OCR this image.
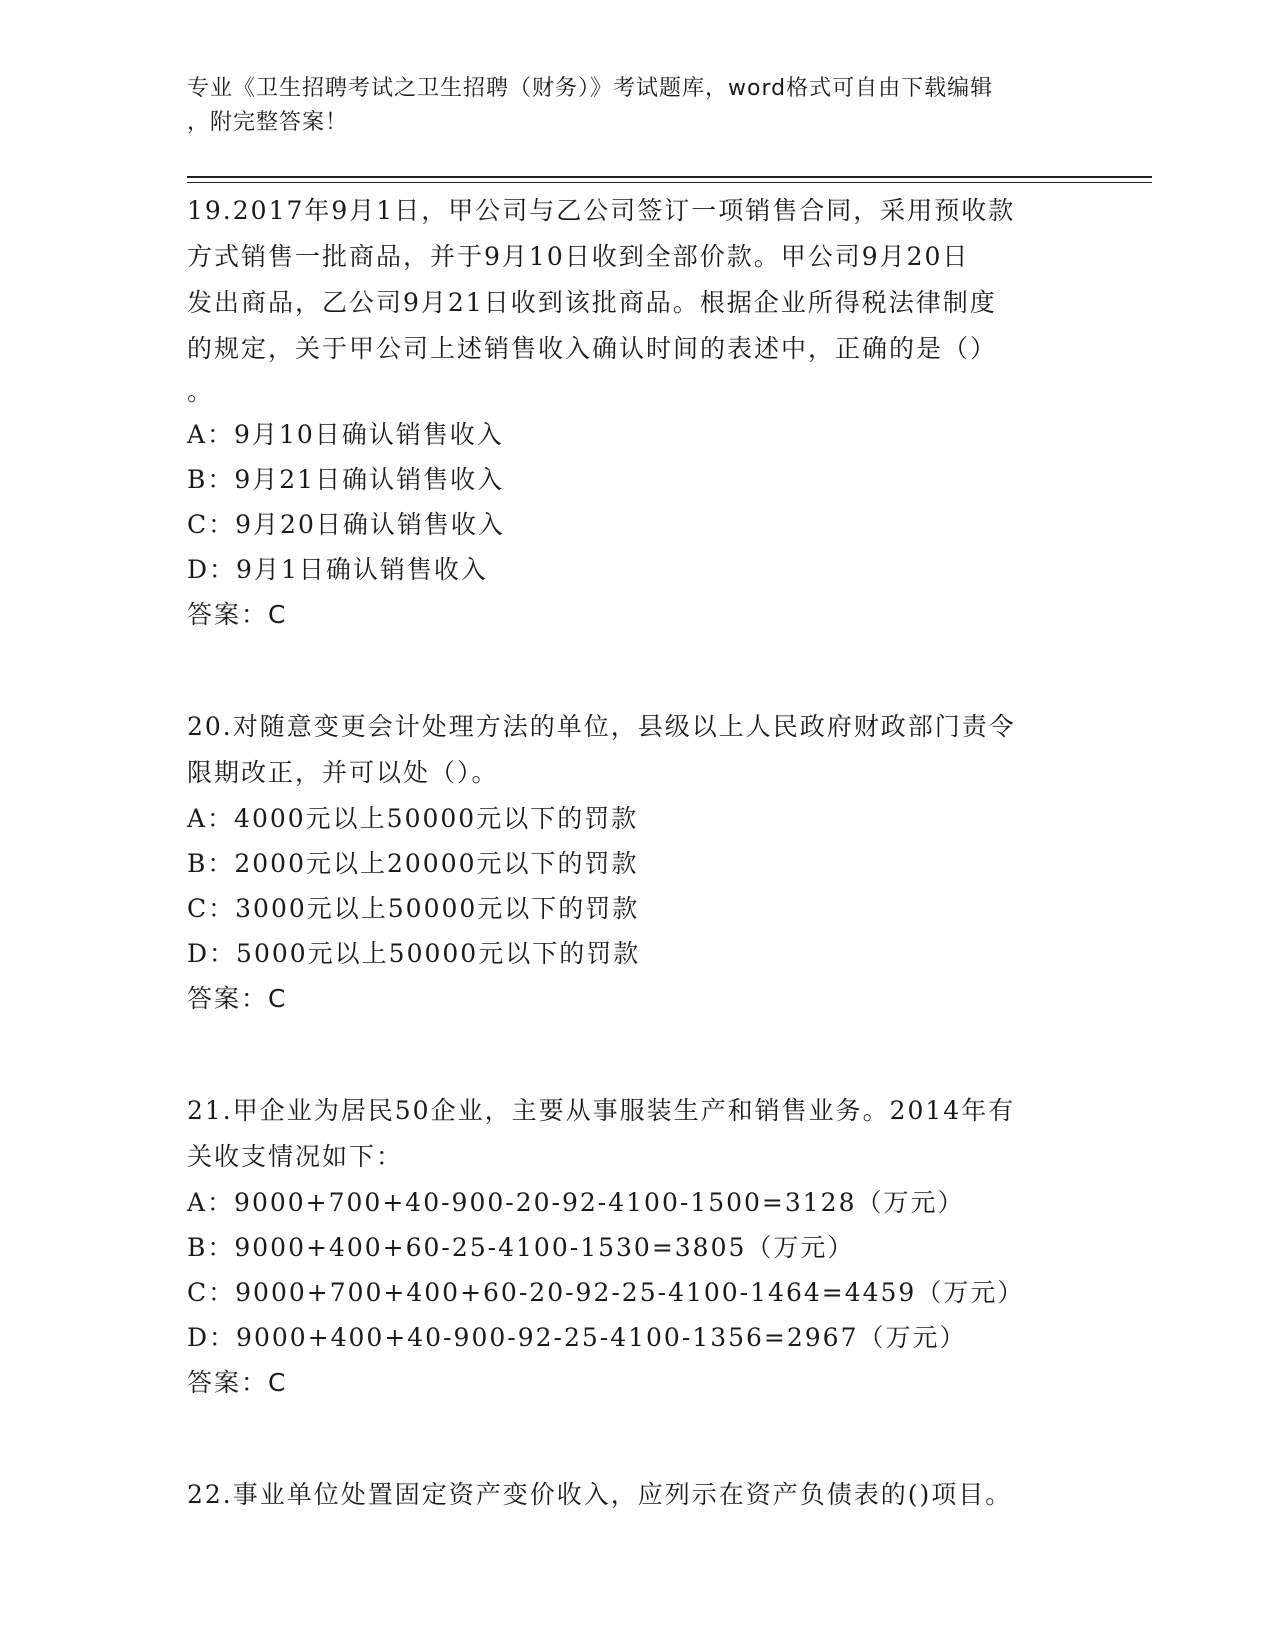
专业《卫生招聘考试之卫生招聘（财务）》考试题库，word格式可自由下载编辑
，附完整答案！
19.2017年9月1日，甲公司与乙公司签订一项销售合同，采用预收款
方式销售一批商品，并于9月10日收到全部价款。甲公司9月20日
发出商品，乙公司9月21日收到该批商品。根据企业所得税法律制度
的规定，关于甲公司上述销售收入确认时间的表述中，正确的是（）
。
A：9月10日确认销售收入
B：9月21日确认销售收入
C：9月20日确认销售收入
D：9月1日确认销售收入
答案：C
20.对随意变更会计处理方法的单位，县级以上人民政府财政部门责令
限期改正，并可以处（）。
A：4000元以上50000元以下的罚款
B：2000元以上20000元以下的罚款
C：3000元以上50000元以下的罚款
D：5000元以上50000元以下的罚款
答案：C
21.甲企业为居民50企业，主要从事服装生产和销售业务。2014年有
关收支情况如下：
A：9000+700+40-900-20-92-4100-1500=3128（万元）
B：9000+400+60-25-4100-1530=3805（万元）
C：9000+700+400+60-20-92-25-4100-1464=4459（万元）
D：9000+400+40-900-92-25-4100-1356=2967（万元）
答案：C
22.事业单位处置固定资产变价收入，应列示在资产负债表的()项目。
